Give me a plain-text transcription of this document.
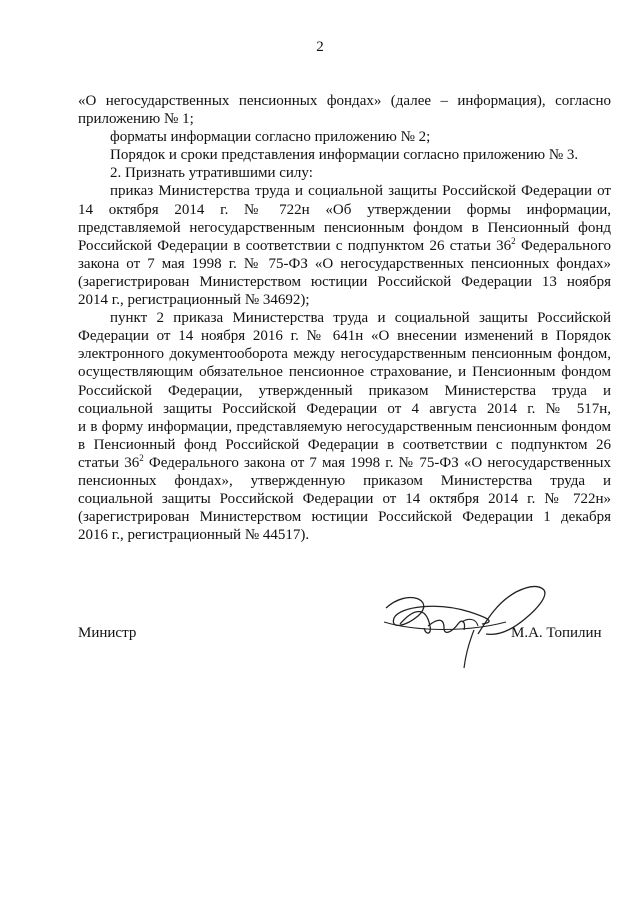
2

«О негосударственных пенсионных фондах» (далее – информация), согласно

приложению № 1;

форматы информации согласно приложению № 2;

Порядок и сроки представления информации согласно приложению № 3.

2. Признать утратившими силу:

приказ Министерства труда и социальной защиты Российской Федерации от

14 октября 2014 г. № 722н «Об утверждении формы информации,

представляемой негосударственным пенсионным фондом в Пенсионный фонд

Российской Федерации в соответствии с подпунктом 26 статьи $36^2$ Федерального

закона от 7 мая 1998 г. № 75-ФЗ «О негосударственных пенсионных фондах»

(зарегистрирован Министерством юстиции Российской Федерации 13 ноября

2014 г., регистрационный № 34692);

пункт 2 приказа Министерства труда и социальной защиты Российской

Федерации от 14 ноября 2016 г. № 641н «О внесении изменений в Порядок

электронного документооборота между негосударственным пенсионным фондом,

осуществляющим обязательное пенсионное страхование, и Пенсионным фондом

Российской Федерации, утвержденный приказом Министерства труда и

социальной защиты Российской Федерации от 4 августа 2014 г. № 517н,

и в форму информации, представляемую негосударственным пенсионным фондом

в Пенсионный фонд Российской Федерации в соответствии с подпунктом 26

статьи $36^2$ Федерального закона от 7 мая 1998 г. № 75-ФЗ «О негосударственных

пенсионных фондах», утвержденную приказом Министерства труда и

социальной защиты Российской Федерации от 14 октября 2014 г. № 722н»

(зарегистрирован Министерством юстиции Российской Федерации 1 декабря

2016 г., регистрационный № 44517).

Министр	М.А. Топилин
